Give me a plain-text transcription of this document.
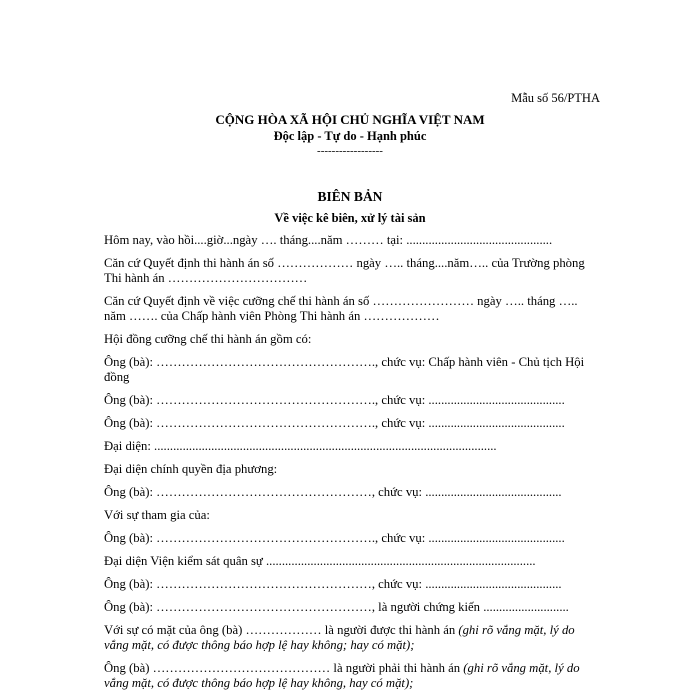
Mẫu số 56/PTHA
CỘNG HÒA XÃ HỘI CHỦ NGHĨA VIỆT NAM
Độc lập - Tự do - Hạnh phúc
------------------
BIÊN BẢN
Về việc kê biên, xử lý tài sản

Hôm nay, vào hồi....giờ...ngày …. tháng....năm ……… tại: ..............................................

Căn cứ Quyết định thi hành án số ……………… ngày ….. tháng....năm….. của Trường phòng Thi hành án ……………………………

Căn cứ Quyết định về việc cưỡng chế thi hành án số …………………… ngày ….. tháng ….. năm ……. của Chấp hành viên Phòng Thi hành án ………………

Hội đồng cưỡng chế thi hành án gồm có:

Ông (bà): ……………………………………………., chức vụ: Chấp hành viên - Chủ tịch Hội đồng

Ông (bà): ……………………………………………., chức vụ: ...........................................

Ông (bà): ……………………………………………., chức vụ: ...........................................

Đại diện: ............................................................................................................

Đại diện chính quyền địa phương:

Ông (bà): ……………………………………………, chức vụ: ...........................................

Với sự tham gia của:

Ông (bà): ……………………………………………., chức vụ: ...........................................

Đại diện Viện kiểm sát quân sự .....................................................................................

Ông (bà): ……………………………………………, chức vụ: ...........................................

Ông (bà): ……………………………………………, là người chứng kiến ...........................

Với sự có mặt của ông (bà) ……………… là người được thi hành án (ghi rõ vắng mặt, lý do vắng mặt, có được thông báo hợp lệ hay không; hay có mặt);

Ông (bà) …………………………………… là người phải thi hành án (ghi rõ vắng mặt, lý do vắng mặt, có được thông báo hợp lệ hay không, hay có mặt);
